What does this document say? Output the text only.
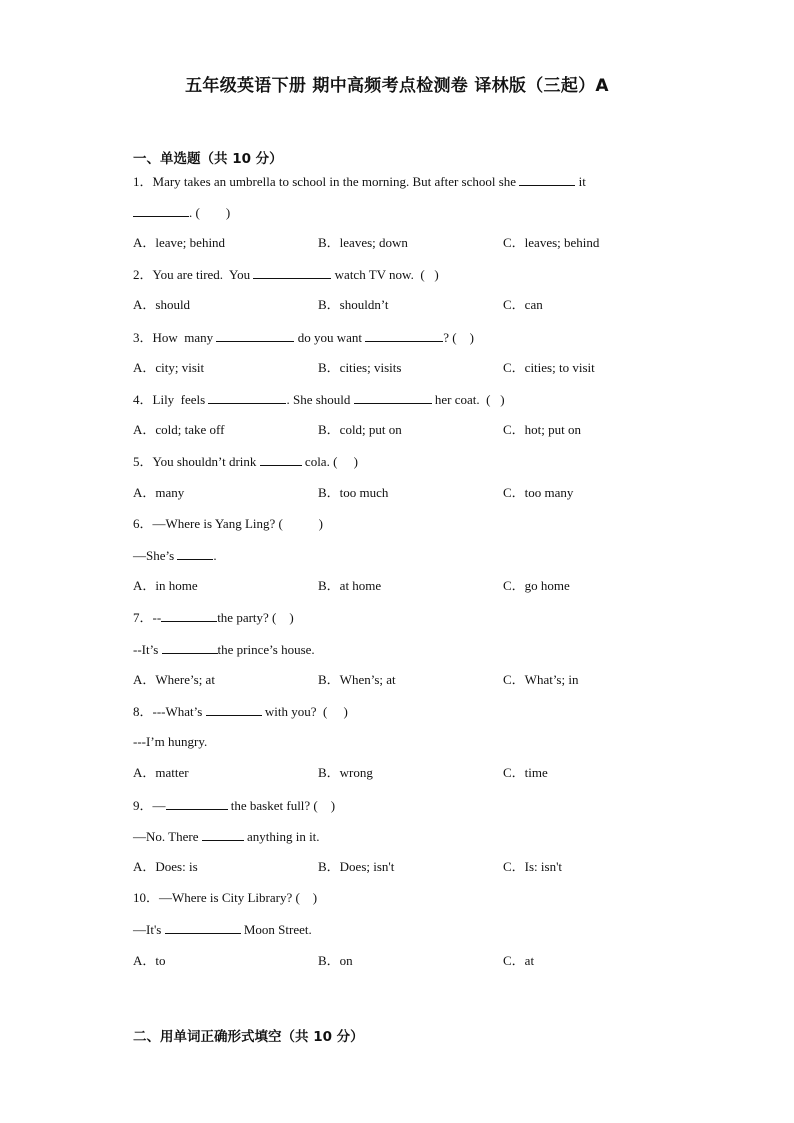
五年级英语下册 期中高频考点检测卷 译林版（三起）A
一、单选题（共 10 分）
1．Mary takes an umbrella to school in the morning. But after school she	it
. (        )
A．leave; behind	B．leaves; down	C．leaves; behind
2．You are tired.  You	watch TV now.  (   )
A．should	B．shouldn’t	C．can
3．How  many	do you want	? (    )
A．city; visit	B．cities; visits	C．cities; to visit
4．Lily  feels	. She should	her coat.  (   )
A．cold; take off	B．cold; put on	C．hot; put on
5．You shouldn’t drink	cola. (     )
A．many	B．too much	C．too many
6．—Where is Yang Ling? (           )
—She’s	.
A．in home	B．at home	C．go home
7．--	the party? (    )
--It’s	the prince’s house.
A．Where’s; at	B．When’s; at	C．What’s; in
8．---What’s	with you?  (     )
---I’m hungry.
A．matter	B．wrong	C．time
9．—	the basket full? (    )
—No. There	anything in it.
A．Does: is	B．Does; isn't	C．Is: isn't
10．—Where is City Library? (    )
—It's	Moon Street.
A．to	B．on	C．at
二、用单词正确形式填空（共 10 分）
